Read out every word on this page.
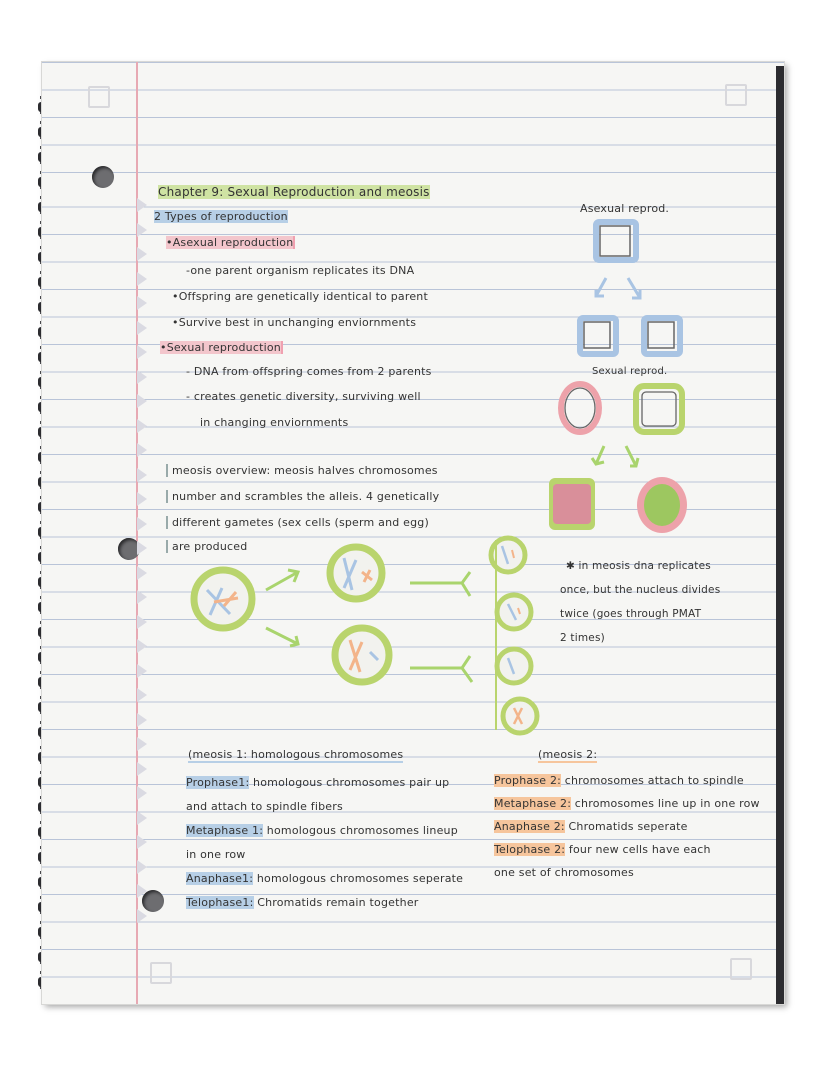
Chapter 9: Sexual Reproduction and meosis
2 Types of reproduction
•Asexual reproduction
-one parent organism replicates its DNA
•Offspring are genetically identical to parent
•Survive best in unchanging enviornments
•Sexual reproduction
- DNA from offspring comes from 2 parents
- creates genetic diversity, surviving well
in changing enviornments
meosis overview: meosis halves chromosomes
number and scrambles the alleis. 4 genetically
different gametes (sex cells (sperm and egg)
are produced
Asexual reprod.
Sexual reprod.
✱ in meosis dna replicates
once, but the nucleus divides
twice (goes through PMAT
2 times)
(meosis 1: homologous chromosomes
Prophase1: homologous chromosomes pair up
and attach to spindle fibers
Metaphase 1: homologous chromosomes lineup
in one row
Anaphase1: homologous chromosomes seperate
Telophase1: Chromatids remain together
(meosis 2:
Prophase 2: chromosomes attach to spindle
Metaphase 2: chromosomes line up in one row
Anaphase 2: Chromatids seperate
Telophase 2: four new cells have each
one set of chromosomes
